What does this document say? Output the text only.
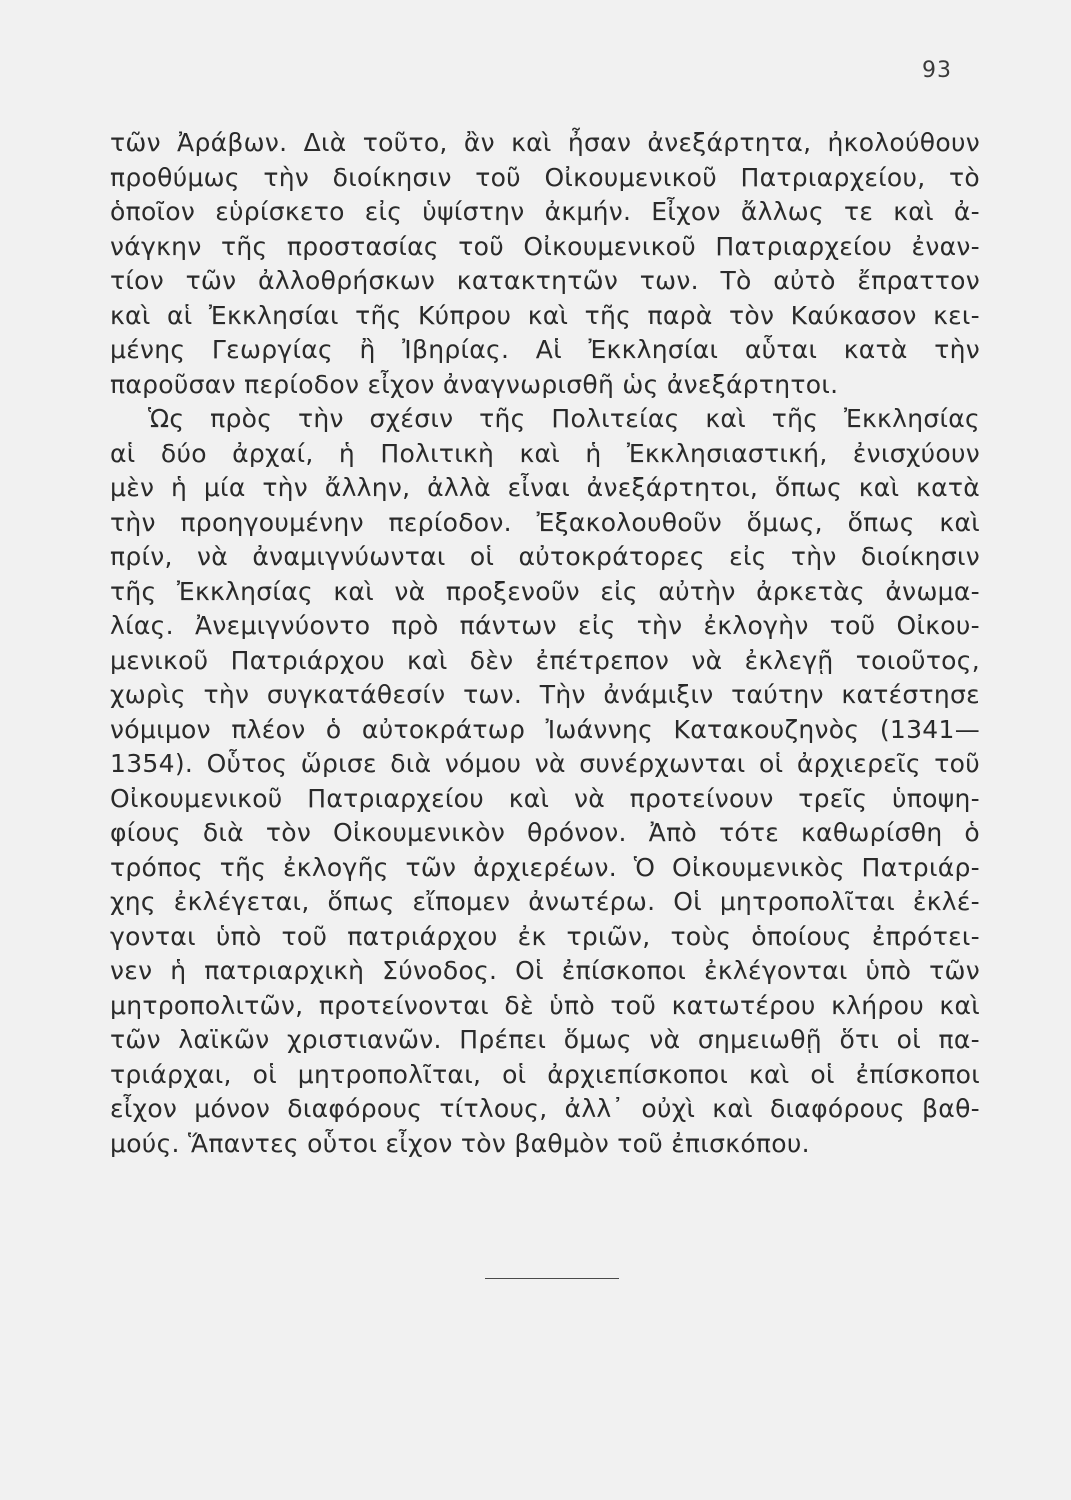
93
τῶν Ἀράβων. Διὰ τοῦτο, ἂν καὶ ἦσαν ἀνεξάρτητα, ἠκολούθουν
προθύμως τὴν διοίκησιν τοῦ Οἰκουμενικοῦ Πατριαρχείου, τὸ
ὁποῖον εὑρίσκετο εἰς ὑψίστην ἀκμήν. Εἶχον ἄλλως τε καὶ ἀ-
νάγκην τῆς προστασίας τοῦ Οἰκουμενικοῦ Πατριαρχείου ἐναν-
τίον τῶν ἀλλοθρήσκων κατακτητῶν των. Τὸ αὐτὸ ἔπραττον
καὶ αἱ Ἐκκλησίαι τῆς Κύπρου καὶ τῆς παρὰ τὸν Καύκασον κει-
μένης Γεωργίας ἢ Ἰβηρίας. Αἱ Ἐκκλησίαι αὗται κατὰ τὴν
παροῦσαν περίοδον εἶχον ἀναγνωρισθῆ ὡς ἀνεξάρτητοι.
Ὡς πρὸς τὴν σχέσιν τῆς Πολιτείας καὶ τῆς Ἐκκλησίας
αἱ δύο ἀρχαί, ἡ Πολιτικὴ καὶ ἡ Ἐκκλησιαστική, ἐνισχύουν
μὲν ἡ μία τὴν ἄλλην, ἀλλὰ εἶναι ἀνεξάρτητοι, ὅπως καὶ κατὰ
τὴν προηγουμένην περίοδον. Ἐξακολουθοῦν ὅμως, ὅπως καὶ
πρίν, νὰ ἀναμιγνύωνται οἱ αὐτοκράτορες εἰς τὴν διοίκησιν
τῆς Ἐκκλησίας καὶ νὰ προξενοῦν εἰς αὐτὴν ἀρκετὰς ἀνωμα-
λίας. Ἀνεμιγνύοντο πρὸ πάντων εἰς τὴν ἐκλογὴν τοῦ Οἰκου-
μενικοῦ Πατριάρχου καὶ δὲν ἐπέτρεπον νὰ ἐκλεγῇ τοιοῦτος,
χωρὶς τὴν συγκατάθεσίν των. Τὴν ἀνάμιξιν ταύτην κατέστησε
νόμιμον πλέον ὁ αὐτοκράτωρ Ἰωάννης Κατακουζηνὸς (1341—
1354). Οὗτος ὥρισε διὰ νόμου νὰ συνέρχωνται οἱ ἀρχιερεῖς τοῦ
Οἰκουμενικοῦ Πατριαρχείου καὶ νὰ προτείνουν τρεῖς ὑποψη-
φίους διὰ τὸν Οἰκουμενικὸν θρόνον. Ἀπὸ τότε καθωρίσθη ὁ
τρόπος τῆς ἐκλογῆς τῶν ἀρχιερέων. Ὁ Οἰκουμενικὸς Πατριάρ-
χης ἐκλέγεται, ὅπως εἴπομεν ἀνωτέρω. Οἱ μητροπολῖται ἐκλέ-
γονται ὑπὸ τοῦ πατριάρχου ἐκ τριῶν, τοὺς ὁποίους ἐπρότει-
νεν ἡ πατριαρχικὴ Σύνοδος. Οἱ ἐπίσκοποι ἐκλέγονται ὑπὸ τῶν
μητροπολιτῶν, προτείνονται δὲ ὑπὸ τοῦ κατωτέρου κλήρου καὶ
τῶν λαϊκῶν χριστιανῶν. Πρέπει ὅμως νὰ σημειωθῇ ὅτι οἱ πα-
τριάρχαι, οἱ μητροπολῖται, οἱ ἀρχιεπίσκοποι καὶ οἱ ἐπίσκοποι
εἶχον μόνον διαφόρους τίτλους, ἀλλ᾿ οὐχὶ καὶ διαφόρους βαθ-
μούς. Ἅπαντες οὗτοι εἶχον τὸν βαθμὸν τοῦ ἐπισκόπου.
